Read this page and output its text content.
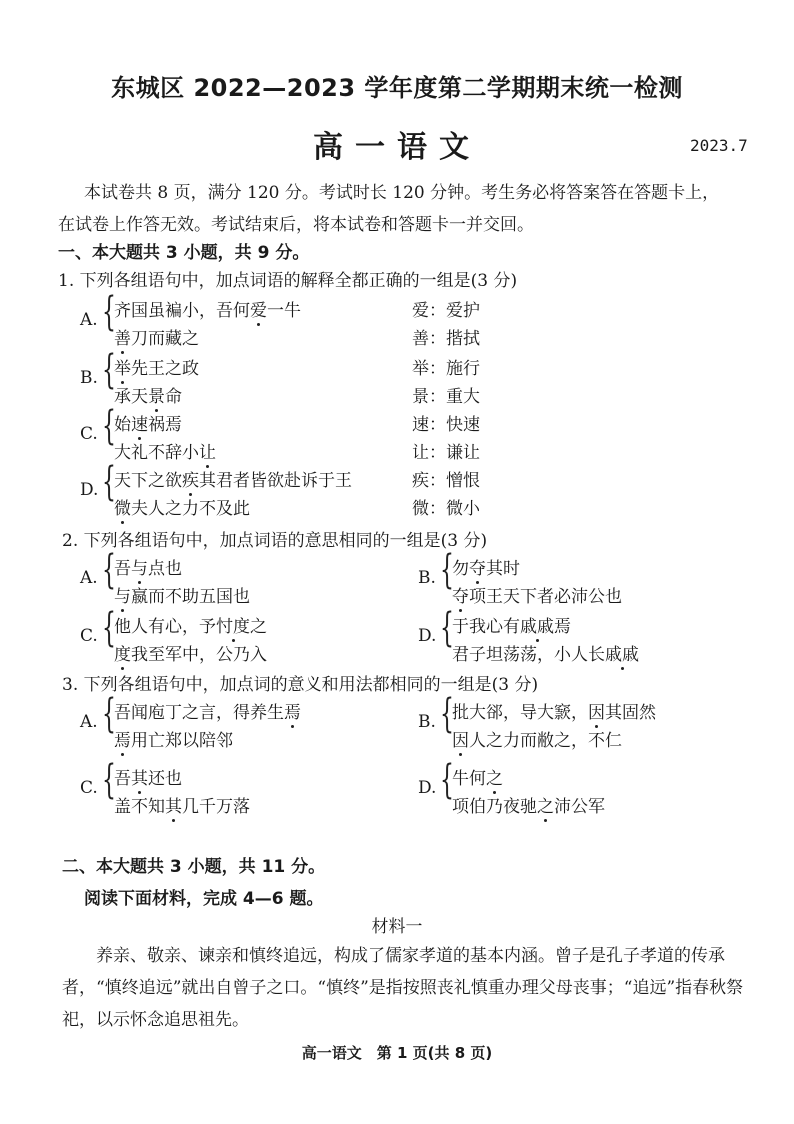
东城区 2022—2023 学年度第二学期期末统一检测
高一语文	2023.7
本试卷共 8 页，满分 120 分。考试时长 120 分钟。考生务必将答案答在答题卡上，
在试卷上作答无效。考试结束后，将本试卷和答题卡一并交回。
一、本大题共 3 小题，共 9 分。
1. 下列各组语句中，加点词语的解释全都正确的一组是(3 分)
A. {
齐国虽褊小，吾何爱一牛
善刀而藏之
爱：爱护
善：揩拭
B. {
举先王之政
承天景命
举：施行
景：重大
C. {
始速祸焉
大礼不辞小让
速：快速
让：谦让
D. {
天下之欲疾其君者皆欲赴诉于王
微夫人之力不及此
疾：憎恨
微：微小
2. 下列各组语句中，加点词语的意思相同的一组是(3 分)
A. {
吾与点也
与嬴而不助五国也
B. {
勿夺其时
夺项王天下者必沛公也
C. {
他人有心，予忖度之
度我至军中，公乃入
D. {
于我心有戚戚焉
君子坦荡荡，小人长戚戚
3. 下列各组语句中，加点词的意义和用法都相同的一组是(3 分)
A. {
吾闻庖丁之言，得养生焉
焉用亡郑以陪邻
B. {
批大郤，导大窾，因其固然
因人之力而敝之，不仁
C. {
吾其还也
盖不知其几千万落
D. {
牛何之
项伯乃夜驰之沛公军
二、本大题共 3 小题，共 11 分。
阅读下面材料，完成 4—6 题。
材料一
养亲、敬亲、谏亲和慎终追远，构成了儒家孝道的基本内涵。曾子是孔子孝道的传承者，“慎终追远”就出自曾子之口。“慎终”是指按照丧礼慎重办理父母丧事；“追远”指春秋祭祀，以示怀念追思祖先。
高一语文　第 1 页(共 8 页)
